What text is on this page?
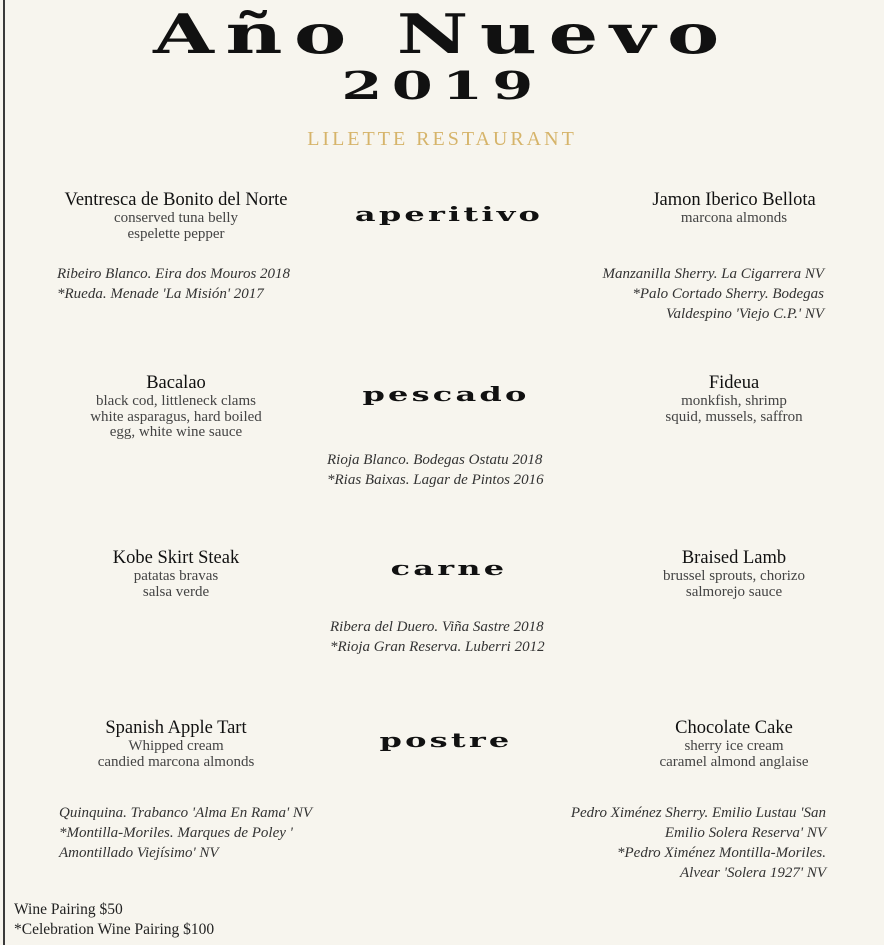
Año Nuevo
2019
LILETTE RESTAURANT
Ventresca de Bonito del Norte
conserved tuna belly
espelette pepper
aperitivo
Jamon Iberico Bellota
marcona almonds
Ribeiro Blanco. Eira dos Mouros 2018
*Rueda. Menade 'La Misión' 2017
Manzanilla Sherry. La Cigarrera NV
*Palo Cortado Sherry. Bodegas
Valdespino 'Viejo C.P.' NV
Bacalao
black cod, littleneck clams
white asparagus, hard boiled
egg, white wine sauce
pescado	Fideua
monkfish, shrimp
squid, mussels, saffron
Rioja Blanco. Bodegas Ostatu 2018
*Rias Baixas. Lagar de Pintos 2016
Kobe Skirt Steak
patatas bravas
salsa verde
carne	Braised Lamb
brussel sprouts, chorizo
salmorejo sauce
Ribera del Duero. Viña Sastre 2018
*Rioja Gran Reserva. Luberri 2012
Spanish Apple Tart
Whipped cream
candied marcona almonds
postre	Chocolate Cake
sherry ice cream
caramel almond anglaise
Quinquina. Trabanco 'Alma En Rama' NV
*Montilla-Moriles. Marques de Poley '
Amontillado Viejísimo' NV
Pedro Ximénez Sherry. Emilio Lustau 'San
Emilio Solera Reserva' NV
*Pedro Ximénez Montilla-Moriles.
Alvear 'Solera 1927' NV
Wine Pairing $50
*Celebration Wine Pairing $100
